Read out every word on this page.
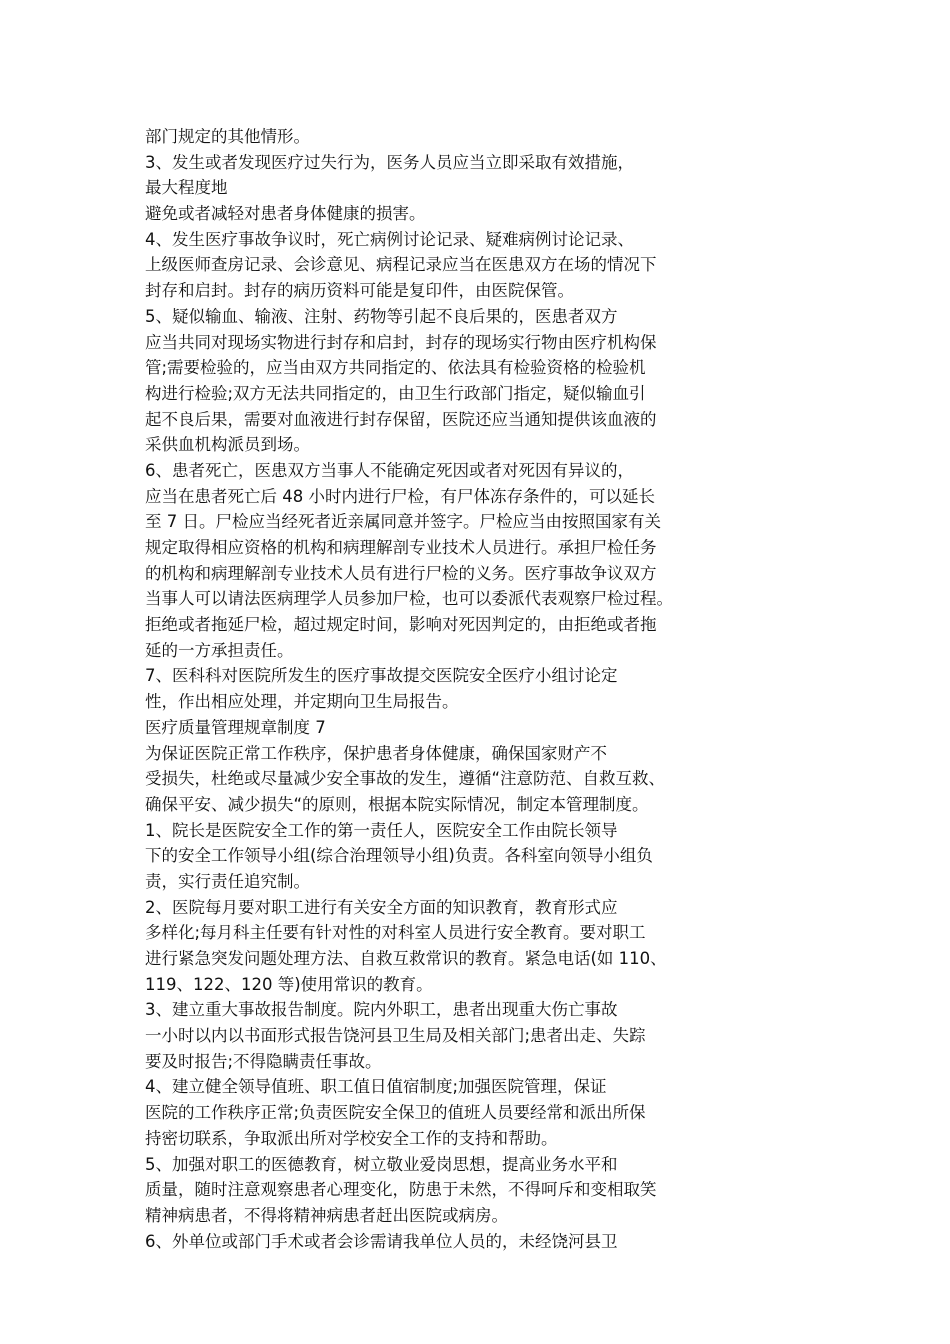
部门规定的其他情形。
3、发生或者发现医疗过失行为，医务人员应当立即采取有效措施，
最大程度地
避免或者减轻对患者身体健康的损害。
4、发生医疗事故争议时，死亡病例讨论记录、疑难病例讨论记录、
上级医师查房记录、会诊意见、病程记录应当在医患双方在场的情况下
封存和启封。封存的病历资料可能是复印件，由医院保管。
5、疑似输血、输液、注射、药物等引起不良后果的，医患者双方
应当共同对现场实物进行封存和启封，封存的现场实行物由医疗机构保
管;需要检验的，应当由双方共同指定的、依法具有检验资格的检验机
构进行检验;双方无法共同指定的，由卫生行政部门指定，疑似输血引
起不良后果，需要对血液进行封存保留，医院还应当通知提供该血液的
采供血机构派员到场。
6、患者死亡，医患双方当事人不能确定死因或者对死因有异议的，
应当在患者死亡后 48 小时内进行尸检，有尸体冻存条件的，可以延长
至 7 日。尸检应当经死者近亲属同意并签字。尸检应当由按照国家有关
规定取得相应资格的机构和病理解剖专业技术人员进行。承担尸检任务
的机构和病理解剖专业技术人员有进行尸检的义务。医疗事故争议双方
当事人可以请法医病理学人员参加尸检，也可以委派代表观察尸检过程。
拒绝或者拖延尸检，超过规定时间，影响对死因判定的，由拒绝或者拖
延的一方承担责任。
7、医科科对医院所发生的医疗事故提交医院安全医疗小组讨论定
性，作出相应处理，并定期向卫生局报告。
医疗质量管理规章制度 7
为保证医院正常工作秩序，保护患者身体健康，确保国家财产不
受损失，杜绝或尽量减少安全事故的发生，遵循“注意防范、自救互救、
确保平安、减少损失“的原则，根据本院实际情况，制定本管理制度。
1、院长是医院安全工作的第一责任人，医院安全工作由院长领导
下的安全工作领导小组(综合治理领导小组)负责。各科室向领导小组负
责，实行责任追究制。
2、医院每月要对职工进行有关安全方面的知识教育，教育形式应
多样化;每月科主任要有针对性的对科室人员进行安全教育。要对职工
进行紧急突发问题处理方法、自救互救常识的教育。紧急电话(如 110、
119、122、120 等)使用常识的教育。
3、建立重大事故报告制度。院内外职工，患者出现重大伤亡事故
一小时以内以书面形式报告饶河县卫生局及相关部门;患者出走、失踪
要及时报告;不得隐瞒责任事故。
4、建立健全领导值班、职工值日值宿制度;加强医院管理，保证
医院的工作秩序正常;负责医院安全保卫的值班人员要经常和派出所保
持密切联系，争取派出所对学校安全工作的支持和帮助。
5、加强对职工的医德教育，树立敬业爱岗思想，提高业务水平和
质量，随时注意观察患者心理变化，防患于未然，不得呵斥和变相取笑
精神病患者，不得将精神病患者赶出医院或病房。
6、外单位或部门手术或者会诊需请我单位人员的，未经饶河县卫
